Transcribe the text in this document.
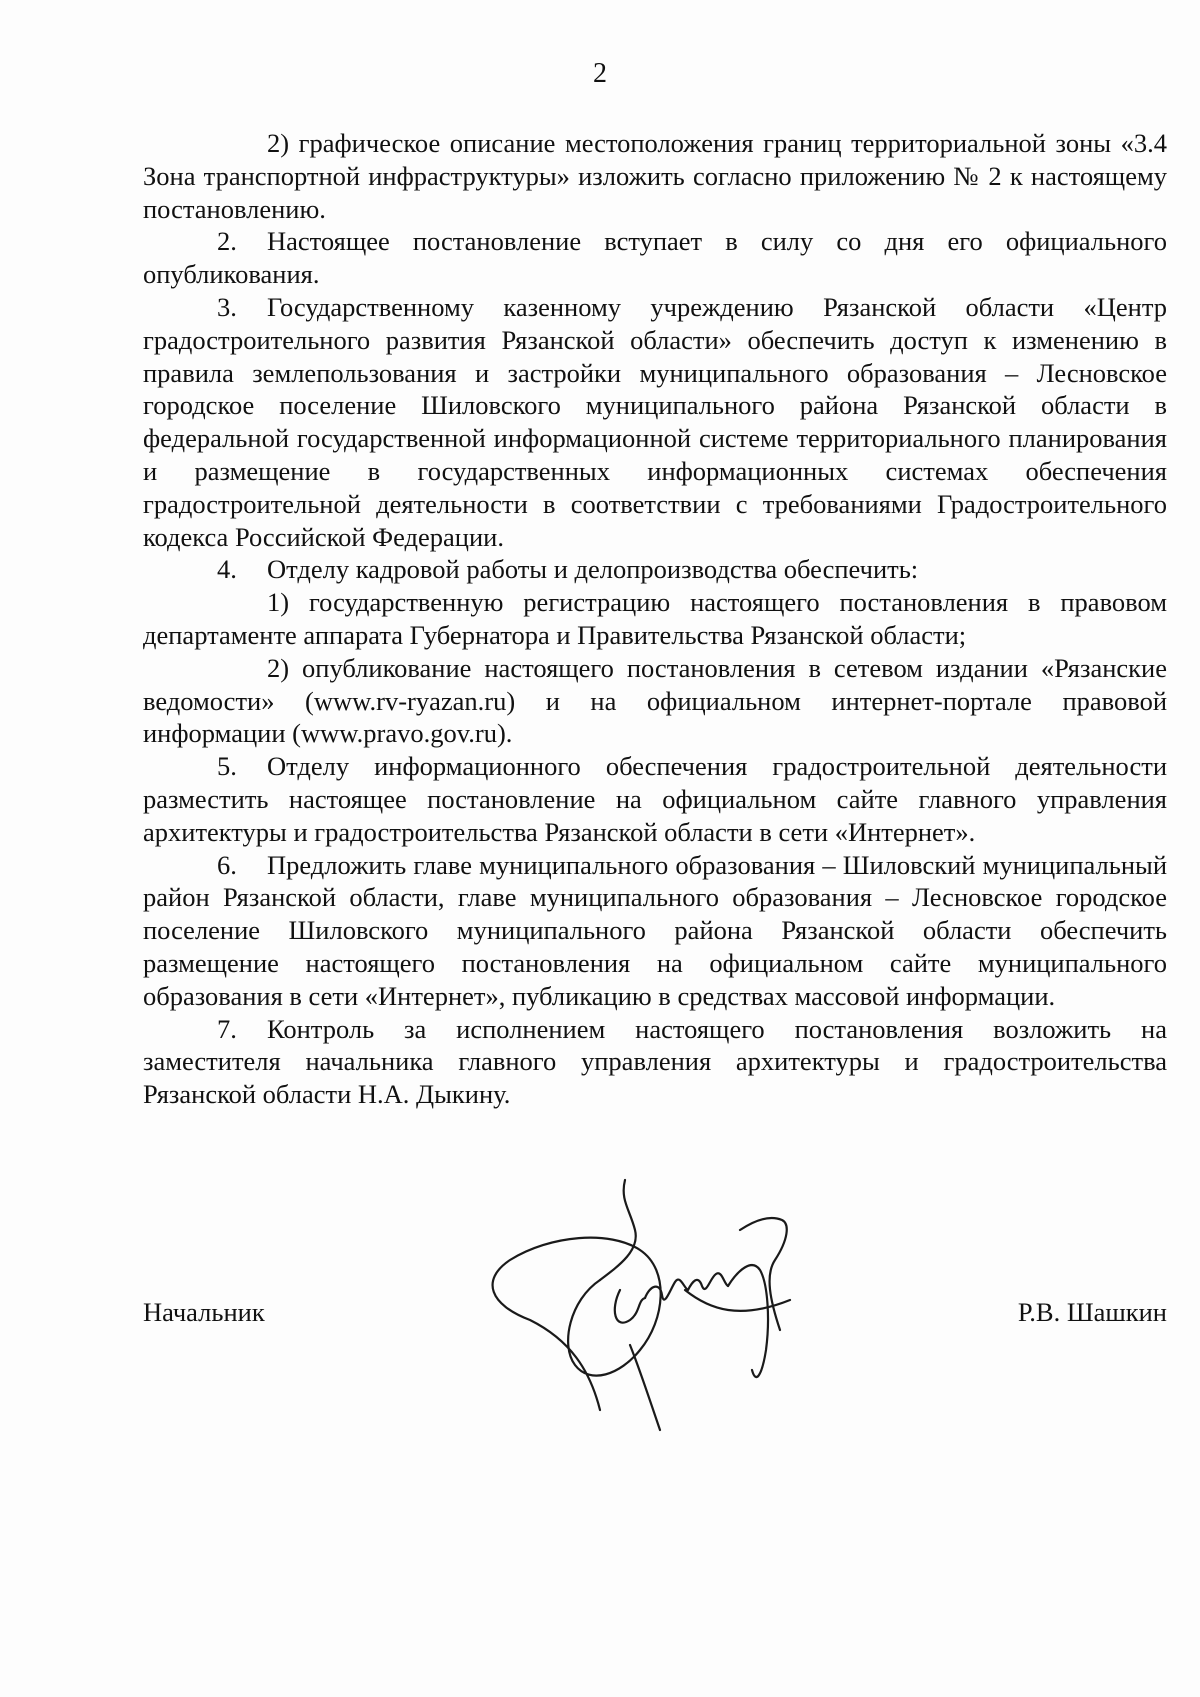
2

2) графическое описание местоположения границ территориальной зоны «3.4 Зона транспортной инфраструктуры» изложить согласно приложению № 2 к настоящему постановлению.

2. Настоящее постановление вступает в силу со дня его официального опубликования.

3. Государственному казенному учреждению Рязанской области «Центр градостроительного развития Рязанской области» обеспечить доступ к изменению в правила землепользования и застройки муниципального образования – Лесновское городское поселение Шиловского муниципального района Рязанской области в федеральной государственной информационной системе территориального планирования и размещение в государственных информационных системах обеспечения градостроительной деятельности в соответствии с требованиями Градостроительного кодекса Российской Федерации.

4. Отделу кадровой работы и делопроизводства обеспечить:

1) государственную регистрацию настоящего постановления в правовом департаменте аппарата Губернатора и Правительства Рязанской области;

2) опубликование настоящего постановления в сетевом издании «Рязанские ведомости» (www.rv-ryazan.ru) и на официальном интернет-портале правовой информации (www.pravo.gov.ru).

5. Отделу информационного обеспечения градостроительной деятельности разместить настоящее постановление на официальном сайте главного управления архитектуры и градостроительства Рязанской области в сети «Интернет».

6. Предложить главе муниципального образования – Шиловский муниципальный район Рязанской области, главе муниципального образования – Лесновское городское поселение Шиловского муниципального района Рязанской области обеспечить размещение настоящего постановления на официальном сайте муниципального образования в сети «Интернет», публикацию в средствах массовой информации.

7. Контроль за исполнением настоящего постановления возложить на заместителя начальника главного управления архитектуры и градостроительства Рязанской области Н.А. Дыкину.

Начальник	Р.В. Шашкин
